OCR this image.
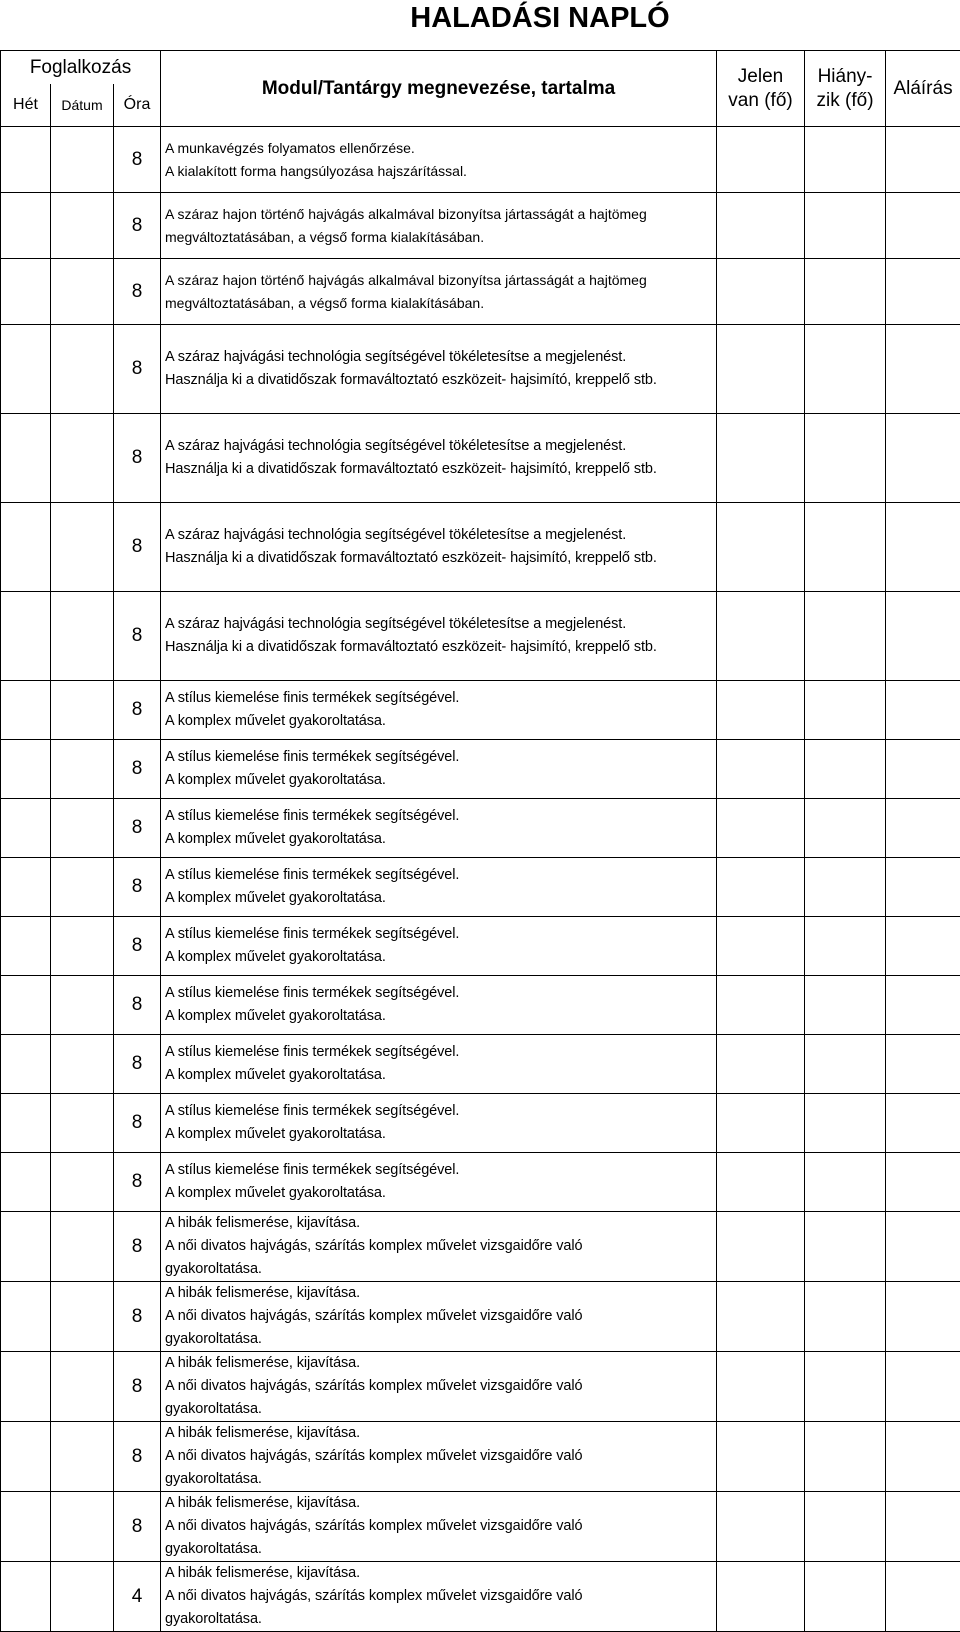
HALADÁSI NAPLÓ
Foglalkozás			Modul/Tantárgy megnevezése, tartalma	Jelen
van (fő)	Hiány-
zik (fő)	Aláírás
Hét	Dátum	Óra				
		8	A munkavégzés folyamatos ellenőrzése.
A kialakított forma hangsúlyozása hajszárítással.			
		8	A száraz hajon történő hajvágás alkalmával bizonyítsa jártasságát a hajtömeg
megváltoztatásában, a végső forma kialakításában.			
		8	A száraz hajon történő hajvágás alkalmával bizonyítsa jártasságát a hajtömeg
megváltoztatásában, a végső forma kialakításában.			
		8	A száraz hajvágási technológia segítségével tökéletesítse a megjelenést.
Használja ki a divatidőszak formaváltoztató eszközeit- hajsimító, kreppelő stb.			
		8	A száraz hajvágási technológia segítségével tökéletesítse a megjelenést.
Használja ki a divatidőszak formaváltoztató eszközeit- hajsimító, kreppelő stb.			
		8	A száraz hajvágási technológia segítségével tökéletesítse a megjelenést.
Használja ki a divatidőszak formaváltoztató eszközeit- hajsimító, kreppelő stb.			
		8	A száraz hajvágási technológia segítségével tökéletesítse a megjelenést.
Használja ki a divatidőszak formaváltoztató eszközeit- hajsimító, kreppelő stb.			
		8	A stílus kiemelése finis termékek segítségével.
A komplex művelet gyakoroltatása.			
		8	A stílus kiemelése finis termékek segítségével.
A komplex művelet gyakoroltatása.			
		8	A stílus kiemelése finis termékek segítségével.
A komplex művelet gyakoroltatása.			
		8	A stílus kiemelése finis termékek segítségével.
A komplex művelet gyakoroltatása.			
		8	A stílus kiemelése finis termékek segítségével.
A komplex művelet gyakoroltatása.			
		8	A stílus kiemelése finis termékek segítségével.
A komplex művelet gyakoroltatása.			
		8	A stílus kiemelése finis termékek segítségével.
A komplex művelet gyakoroltatása.			
		8	A stílus kiemelése finis termékek segítségével.
A komplex művelet gyakoroltatása.			
		8	A stílus kiemelése finis termékek segítségével.
A komplex művelet gyakoroltatása.			
		8	A hibák felismerése, kijavítása.
A női divatos hajvágás, szárítás komplex művelet vizsgaidőre való
gyakoroltatása.			
		8	A hibák felismerése, kijavítása.
A női divatos hajvágás, szárítás komplex művelet vizsgaidőre való
gyakoroltatása.			
		8	A hibák felismerése, kijavítása.
A női divatos hajvágás, szárítás komplex művelet vizsgaidőre való
gyakoroltatása.			
		8	A hibák felismerése, kijavítása.
A női divatos hajvágás, szárítás komplex művelet vizsgaidőre való
gyakoroltatása.			
		8	A hibák felismerése, kijavítása.
A női divatos hajvágás, szárítás komplex művelet vizsgaidőre való
gyakoroltatása.			
		4	A hibák felismerése, kijavítása.
A női divatos hajvágás, szárítás komplex művelet vizsgaidőre való
gyakoroltatása.			
